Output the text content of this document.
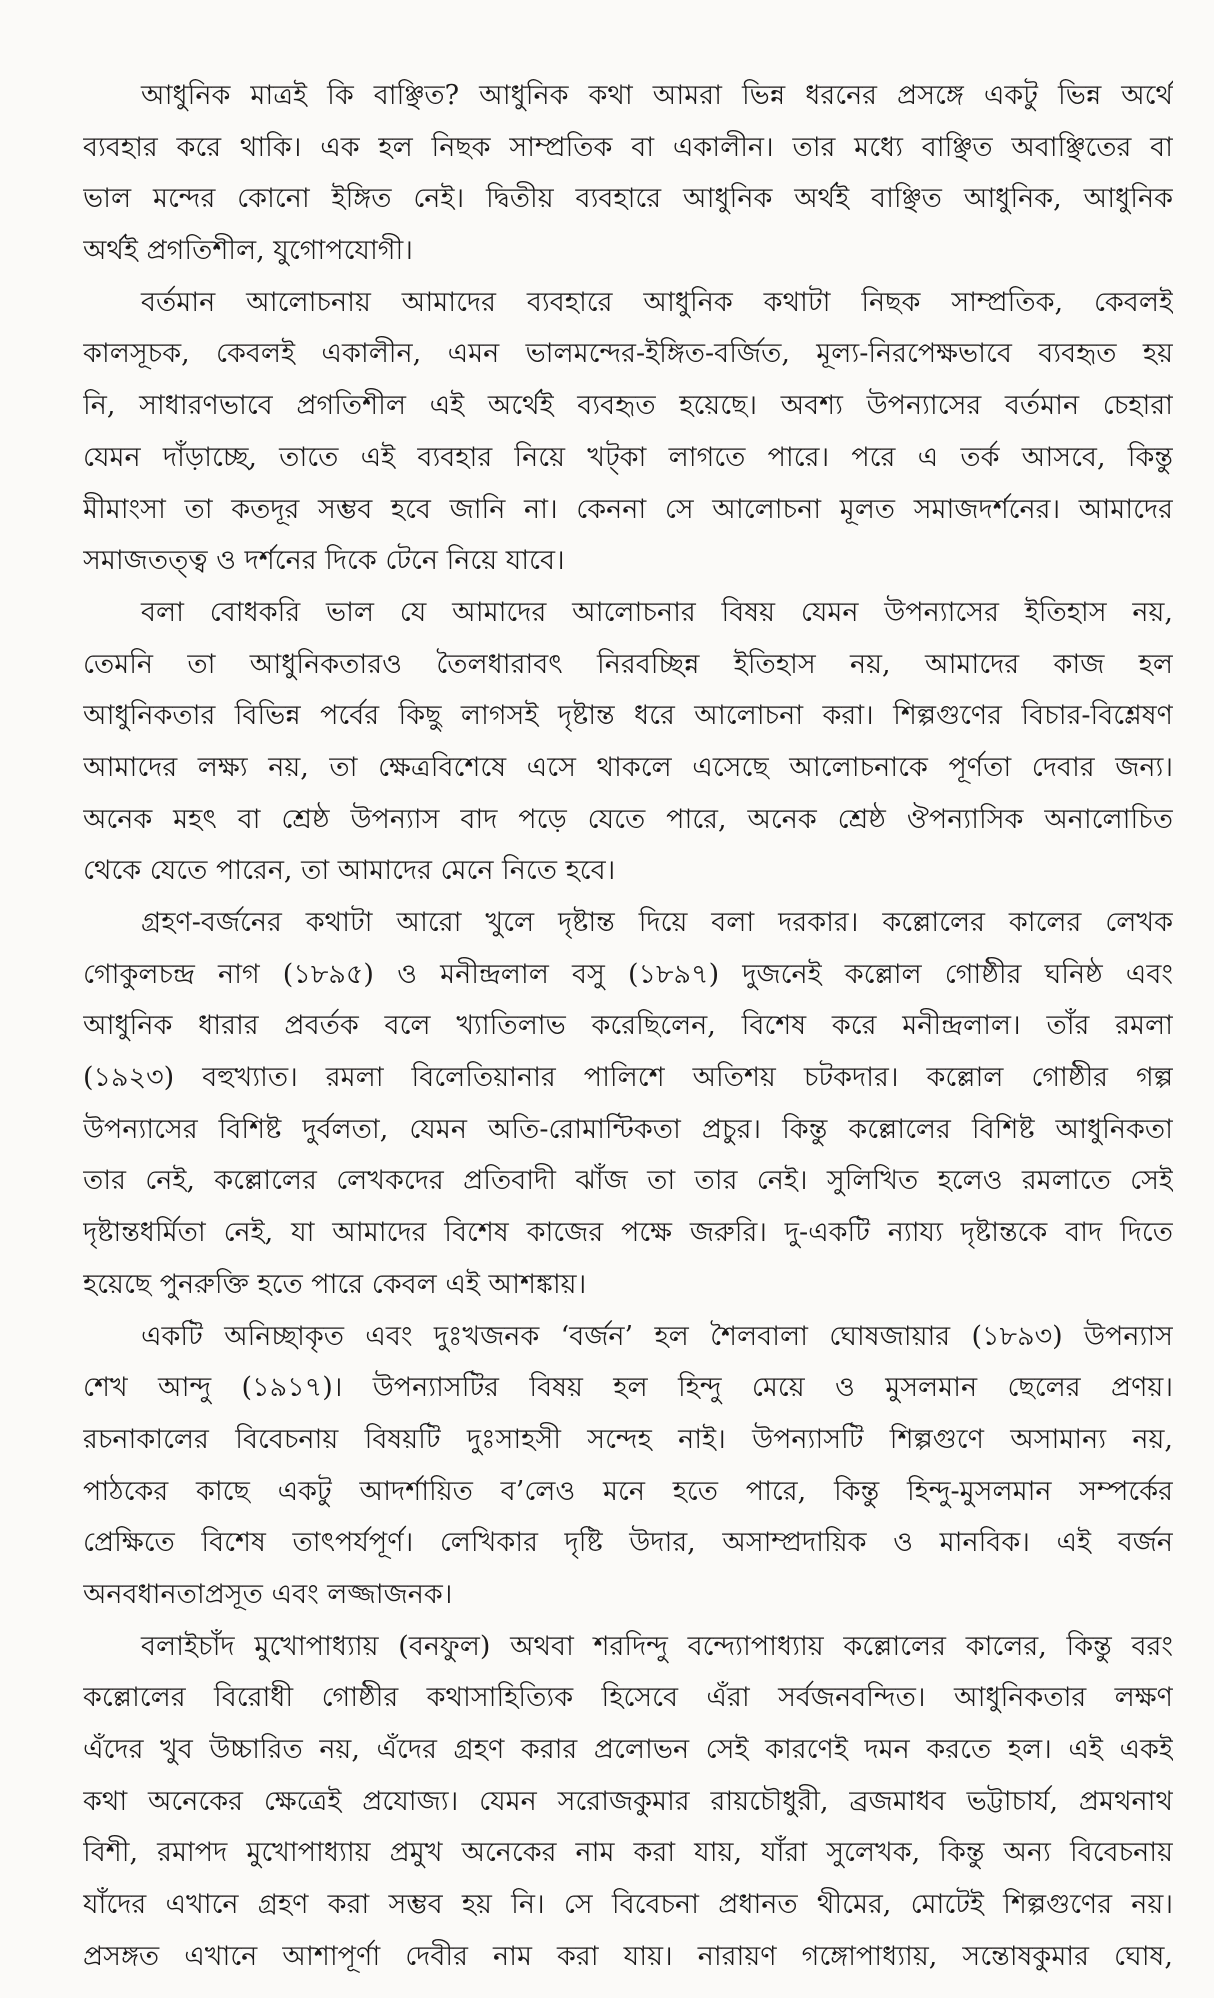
আধুনিক মাত্রই কি বাঞ্ছিত? আধুনিক কথা আমরা ভিন্ন ধরনের প্রসঙ্গে একটু ভিন্ন অর্থে
ব্যবহার করে থাকি। এক হল নিছক সাম্প্রতিক বা একালীন। তার মধ্যে বাঞ্ছিত অবাঞ্ছিতের বা
ভাল মন্দের কোনো ইঙ্গিত নেই। দ্বিতীয় ব্যবহারে আধুনিক অর্থই বাঞ্ছিত আধুনিক, আধুনিক
অর্থই প্রগতিশীল, যুগোপযোগী।
বর্তমান আলোচনায় আমাদের ব্যবহারে আধুনিক কথাটা নিছক সাম্প্রতিক, কেবলই
কালসূচক, কেবলই একালীন, এমন ভালমন্দের-ইঙ্গিত-বর্জিত, মূল্য-নিরপেক্ষভাবে ব্যবহৃত হয়
নি, সাধারণভাবে প্রগতিশীল এই অর্থেই ব্যবহৃত হয়েছে। অবশ্য উপন্যাসের বর্তমান চেহারা
যেমন দাঁড়াচ্ছে, তাতে এই ব্যবহার নিয়ে খট্‌কা লাগতে পারে। পরে এ তর্ক আসবে, কিন্তু
মীমাংসা তা কতদূর সম্ভব হবে জানি না। কেননা সে আলোচনা মূলত সমাজদর্শনের। আমাদের
সমাজতত্ত্ব ও দর্শনের দিকে টেনে নিয়ে যাবে।
বলা বোধকরি ভাল যে আমাদের আলোচনার বিষয় যেমন উপন্যাসের ইতিহাস নয়,
তেমনি তা আধুনিকতারও তৈলধারাবৎ নিরবচ্ছিন্ন ইতিহাস নয়, আমাদের কাজ হল
আধুনিকতার বিভিন্ন পর্বের কিছু লাগসই দৃষ্টান্ত ধরে আলোচনা করা। শিল্পগুণের বিচার-বিশ্লেষণ
আমাদের লক্ষ্য নয়, তা ক্ষেত্রবিশেষে এসে থাকলে এসেছে আলোচনাকে পূর্ণতা দেবার জন্য।
অনেক মহৎ বা শ্রেষ্ঠ উপন্যাস বাদ পড়ে যেতে পারে, অনেক শ্রেষ্ঠ ঔপন্যাসিক অনালোচিত
থেকে যেতে পারেন, তা আমাদের মেনে নিতে হবে।
গ্রহণ-বর্জনের কথাটা আরো খুলে দৃষ্টান্ত দিয়ে বলা দরকার। কল্লোলের কালের লেখক
গোকুলচন্দ্র নাগ (১৮৯৫) ও মনীন্দ্রলাল বসু (১৮৯৭) দুজনেই কল্লোল গোষ্ঠীর ঘনিষ্ঠ এবং
আধুনিক ধারার প্রবর্তক বলে খ্যাতিলাভ করেছিলেন, বিশেষ করে মনীন্দ্রলাল। তাঁর রমলা
(১৯২৩) বহুখ্যাত। রমলা বিলেতিয়ানার পালিশে অতিশয় চটকদার। কল্লোল গোষ্ঠীর গল্প
উপন্যাসের বিশিষ্ট দুর্বলতা, যেমন অতি-রোমান্টিকতা প্রচুর। কিন্তু কল্লোলের বিশিষ্ট আধুনিকতা
তার নেই, কল্লোলের লেখকদের প্রতিবাদী ঝাঁজ তা তার নেই। সুলিখিত হলেও রমলাতে সেই
দৃষ্টান্তধর্মিতা নেই, যা আমাদের বিশেষ কাজের পক্ষে জরুরি। দু-একটি ন্যায্য দৃষ্টান্তকে বাদ দিতে
হয়েছে পুনরুক্তি হতে পারে কেবল এই আশঙ্কায়।
একটি অনিচ্ছাকৃত এবং দুঃখজনক ‘বর্জন’ হল শৈলবালা ঘোষজায়ার (১৮৯৩) উপন্যাস
শেখ আন্দু (১৯১৭)। উপন্যাসটির বিষয় হল হিন্দু মেয়ে ও মুসলমান ছেলের প্রণয়।
রচনাকালের বিবেচনায় বিষয়টি দুঃসাহসী সন্দেহ নাই। উপন্যাসটি শিল্পগুণে অসামান্য নয়,
পাঠকের কাছে একটু আদর্শায়িত ব’লেও মনে হতে পারে, কিন্তু হিন্দু-মুসলমান সম্পর্কের
প্রেক্ষিতে বিশেষ তাৎপর্যপূর্ণ। লেখিকার দৃষ্টি উদার, অসাম্প্রদায়িক ও মানবিক। এই বর্জন
অনবধানতাপ্রসূত এবং লজ্জাজনক।
বলাইচাঁদ মুখোপাধ্যায় (বনফুল) অথবা শরদিন্দু বন্দ্যোপাধ্যায় কল্লোলের কালের, কিন্তু বরং
কল্লোলের বিরোধী গোষ্ঠীর কথাসাহিত্যিক হিসেবে এঁরা সর্বজনবন্দিত। আধুনিকতার লক্ষণ
এঁদের খুব উচ্চারিত নয়, এঁদের গ্রহণ করার প্রলোভন সেই কারণেই দমন করতে হল। এই একই
কথা অনেকের ক্ষেত্রেই প্রযোজ্য। যেমন সরোজকুমার রায়চৌধুরী, ব্রজমাধব ভট্টাচার্য, প্রমথনাথ
বিশী, রমাপদ মুখোপাধ্যায় প্রমুখ অনেকের নাম করা যায়, যাঁরা সুলেখক, কিন্তু অন্য বিবেচনায়
যাঁদের এখানে গ্রহণ করা সম্ভব হয় নি। সে বিবেচনা প্রধানত থীমের, মোটেই শিল্পগুণের নয়।
প্রসঙ্গত এখানে আশাপূর্ণা দেবীর নাম করা যায়। নারায়ণ গঙ্গোপাধ্যায়, সন্তোষকুমার ঘোষ,
